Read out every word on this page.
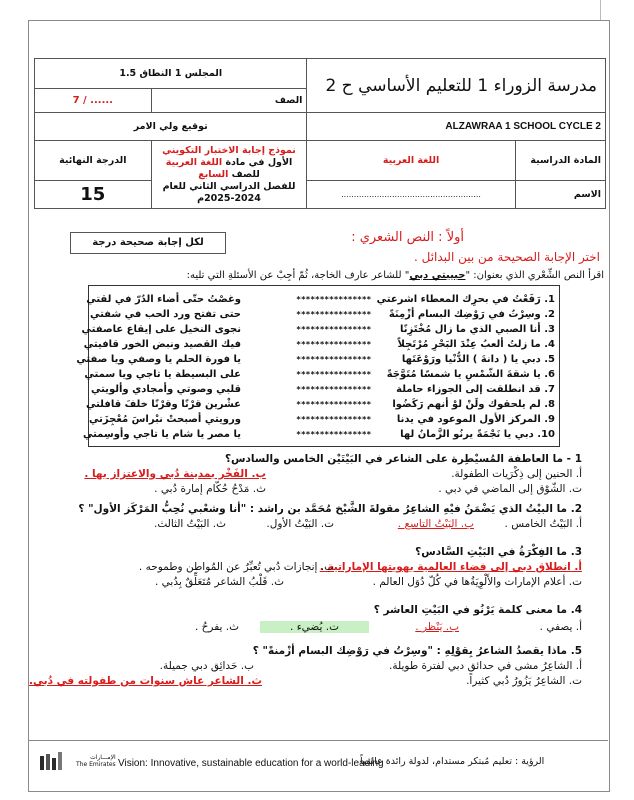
مدرسة الزوراء 1 للتعليم الأساسي ح 2		المجلس 1 النطاق 1.5	
		الصف	7 / ......
ALZAWRAA 1 SCHOOL CYCLE 2		توقيع ولي الامر	
المادة الدراسية	اللغة العربية	نموذج إجابة الاختبار التكويني
الأول في مادة اللغة العربية
للصف السابع
للفصل الدراسي الثاني للعام
2025-2024م	الدرجة النهائية
الاسم	.......................................................		15
لكل إجابة صحيحة درجة	أولاً : النص الشعري :
اختر الإجابة الصحيحة من بين البدائل .
اقرأ النص الشِّعْري الذي بعنوان: "حبيبتي دبي" للشاعر عارف الخاجة، ثُمّ أجِبْ عن الأسئلةِ التي تليه:
1. رَفَعْتُ في بحرِك المعطاء اشرعتي
****************
وغصْتُ حتّى أضاء الدُرّ في لقتي
2. وسِرْتُ في رَوْضِك البسام أزْمِنَةً
****************
حتى تفتح ورد الحب في شفتي
3. أنا الصبي الذي ما زال مُخْتَزِنًا
****************
نجوى النخيل على إيقاع عاصفتي
4. ما زلتُ ألعبُ عِنْدَ البَحْرِ مُرْتَجِلاً
****************
فيك القصيد ونبض الخور قافيتي
5. دبي يا ( دانةَ ) الدُّنْيا ورَوْعَتَها
****************
يا فورة الحلم يا وصفي ويا صفتي
6. يا شقةَ الشّمْسِ يا شمسًا مُتَوَّجَةً
****************
على البسيطة يا تاجي ويا سمتي
7. قد انطلقت إلى الجوزاء حاملة
****************
قلبي وصوتي وأمجادي وألويتي
8. لم يلحقوك ولَنْ لوْ أنهم رَكَضُوا
****************
عشْرين قرْنًا وقرْنًا خلفَ قافلتي
9. المركز الأول الموعود في يدنا
****************
ورويتي أصبحتْ نبْراسَ مُعْجِزَتي
10. دبي يا نَجْمَةً يرنُو الزَّمانُ لها
****************
يا مصر يا شام يا تاجي وأوسِمتي
1 - ما العاطفة المُسيْطِرة على الشاعر في البَيْتَيْن الخامس والسادس؟
أ. الحنين إلى ذِكْرَيات الطفولة.
ب. الفَخْر بمدينة دُبي والاعتزاز بها .
ت. الشّوْق إلى الماضي في دبي .
ث. مَدْحُ حُكّام إمارة دُبي .
2. ما البيْتُ الذي يَضْمَنُ فيْهِ الشاعِرُ مقولةَ الشَّيْخ مُحَمَّد بن راشد : "أنا وشعْبي نُحِبُّ المَرْكَز الأول" ؟
أ. البَيْتُ الخامس .
ب. البَيْتُ التاسع .
ت. البَيْتُ الأول.
ث. البَيْتُ الثالث.
3. ما الفِكْرَةُ في البَيْتِ السَّادس؟
أ. انطلاق دبي إلى فضاء العالمية بهويتها الإماراتية .
ب. إنجازات دُبي تُعبِّرُ عن المُواطن وطموحه .
ت. أعلام الإمارات والأَلْوِيَةُها في كُلّ دُوَل العالم .
ث. قَلْبُ الشاعر مُتَعَلِّقٌ بِدُبي .
4. ما معنى كلمة يَرْنُو في البَيْتِ العاشر ؟
أ. يصفي .
ب. يَنْظر .
ت. يُضيء .
ث. يفرحُ .
5. ماذا يقصدُ الشاعرُ بِقوْلِهِ : "وسِرْتُ في رَوْضِك البسام أزْمنةً" ؟
أ. الشاعِرُ مشى في حدائق دبي لفترة طويلة.
ب. حَدائِق دبي جميلة.
ت. الشاعِرُ يَزُورُ دُبي كثيراً.
ث. الشاعر عاش سنوات من طفولته في دُبي.
الإمـــارات
The Emirates Vision: Innovative, sustainable education for a world-leading
الرؤية : تعليم مُبتكر مستدام، لدولة رائدة عالمياً
